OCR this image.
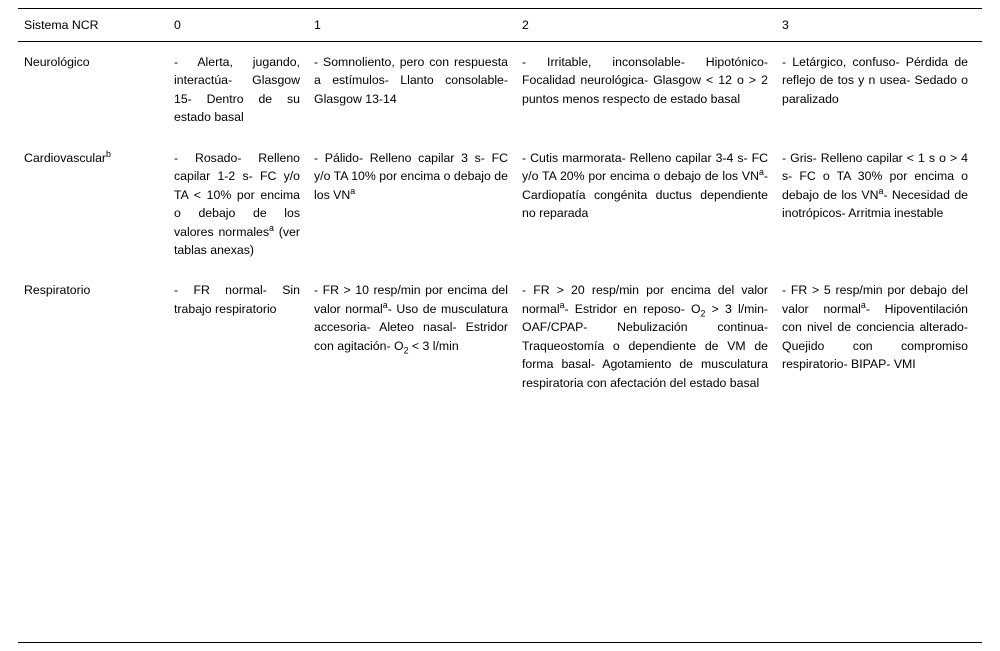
Sistema NCR	0	1	2	3
Neurológico	- Alerta, jugando, interactúa- Glasgow 15- Dentro de su estado basal	- Somnoliento, pero con respuesta a estímulos- Llanto consolable- Glasgow 13-14	- Irritable, inconsolable- Hipotónico- Focalidad neurológica- Glasgow < 12 o > 2 puntos menos respecto de estado basal	- Letárgico, confuso- Pérdida de reflejo de tos y n usea- Sedado o paralizado
Cardiovascular$^b$	- Rosado- Relleno capilar 1-2 s- FC y/o TA < 10% por encima o debajo de los valores normales$^a$ (ver tablas anexas)	- Pálido- Relleno capilar 3 s- FC y/o TA 10% por encima o debajo de los $VN^a$	- Cutis marmorata- Relleno capilar 3-4 s- FC y/o TA 20% por encima o debajo de los $VN^a-$ Cardiopatía congénita ductus dependiente no reparada	- Gris- Relleno capilar < 1 s o > 4 s- FC o TA 30% por encima o debajo de los $VN^a-$ Necesidad de inotrópicos- Arritmia inestable
Respiratorio	- FR normal- Sin trabajo respiratorio	- FR > 10 resp/min por encima del valor normal$^a$- Uso de musculatura accesoria- Aleteo nasal- Estridor con agitación- $O_2 < 3$ l/min	- FR > 20 resp/min por encima del valor normal$^a$- Estridor en reposo- $O_2 > 3$ l/min- OAF/CPAP- Nebulización continua- Traqueostomía o dependiente de VM de forma basal- Agotamiento de musculatura respiratoria con afectación del estado basal	- FR > 5 resp/min por debajo del valor normal$^a$- Hipoventilación con nivel de conciencia alterado- Quejido con compromiso respiratorio- BIPAP- VMI
